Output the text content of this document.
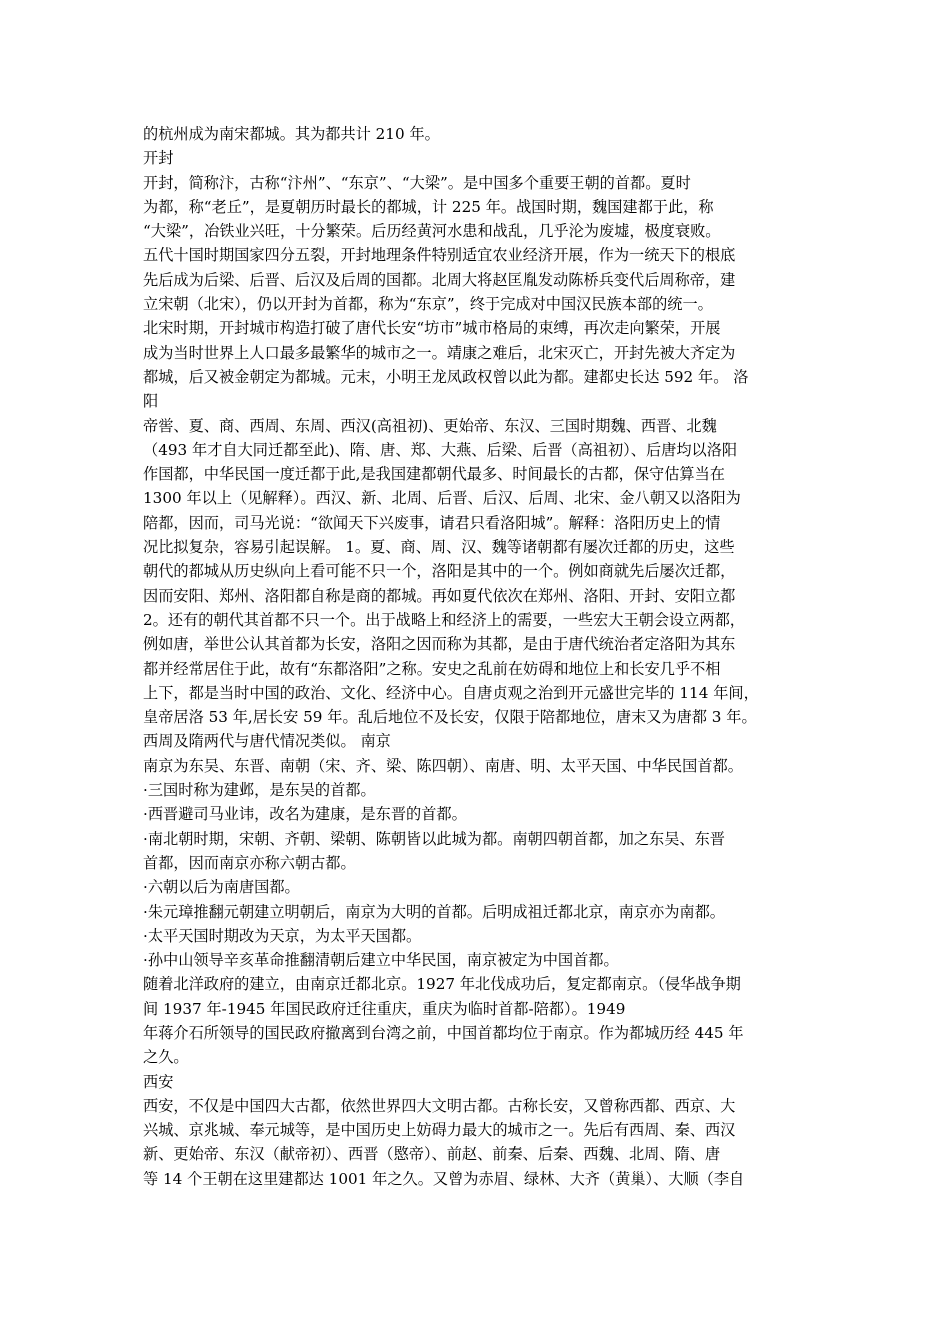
的杭州成为南宋都城。其为都共计 210 年。
开封
开封，简称汴，古称“汴州”、“东京”、“大梁”。是中国多个重要王朝的首都。夏时
为都，称“老丘”，是夏朝历时最长的都城，计 225 年。战国时期，魏国建都于此，称
“大梁”，冶铁业兴旺，十分繁荣。后历经黄河水患和战乱，几乎沦为废墟，极度衰败。
五代十国时期国家四分五裂，开封地理条件特别适宜农业经济开展，作为一统天下的根底
先后成为后梁、后晋、后汉及后周的国都。北周大将赵匡胤发动陈桥兵变代后周称帝，建
立宋朝（北宋），仍以开封为首都，称为“东京”，终于完成对中国汉民族本部的统一。
北宋时期，开封城市构造打破了唐代长安“坊市”城市格局的束缚，再次走向繁荣，开展
成为当时世界上人口最多最繁华的城市之一。靖康之难后，北宋灭亡，开封先被大齐定为
都城，后又被金朝定为都城。元末，小明王龙凤政权曾以此为都。建都史长达 592 年。 洛
阳
帝喾、夏、商、西周、东周、西汉(高祖初)、更始帝、东汉、三国时期魏、西晋、北魏
（493 年才自大同迁都至此)、隋、唐、郑、大燕、后梁、后晋（高祖初）、后唐均以洛阳
作国都，中华民国一度迁都于此,是我国建都朝代最多、时间最长的古都，保守估算当在
1300 年以上（见解释）。西汉、新、北周、后晋、后汉、后周、北宋、金八朝又以洛阳为
陪都，因而，司马光说：“欲闻天下兴废事，请君只看洛阳城”。解释：洛阳历史上的情
况比拟复杂，容易引起误解。 1。夏、商、周、汉、魏等诸朝都有屡次迁都的历史，这些
朝代的都城从历史纵向上看可能不只一个，洛阳是其中的一个。例如商就先后屡次迁都，
因而安阳、郑州、洛阳都自称是商的都城。再如夏代依次在郑州、洛阳、开封、安阳立都
2。还有的朝代其首都不只一个。出于战略上和经济上的需要，一些宏大王朝会设立两都，
例如唐，举世公认其首都为长安，洛阳之因而称为其都，是由于唐代统治者定洛阳为其东
都并经常居住于此，故有“东都洛阳”之称。安史之乱前在妨碍和地位上和长安几乎不相
上下，都是当时中国的政治、文化、经济中心。自唐贞观之治到开元盛世完毕的 114 年间，
皇帝居洛 53 年,居长安 59 年。乱后地位不及长安，仅限于陪都地位，唐末又为唐都 3 年。
西周及隋两代与唐代情况类似。 南京
南京为东吴、东晋、南朝（宋、齐、梁、陈四朝）、南唐、明、太平天国、中华民国首都。
·三国时称为建邺，是东吴的首都。
·西晋避司马业讳，改名为建康，是东晋的首都。
·南北朝时期，宋朝、齐朝、梁朝、陈朝皆以此城为都。南朝四朝首都，加之东吴、东晋
首都，因而南京亦称六朝古都。
·六朝以后为南唐国都。
·朱元璋推翻元朝建立明朝后，南京为大明的首都。后明成祖迁都北京，南京亦为南都。
·太平天国时期改为天京，为太平天国都。
·孙中山领导辛亥革命推翻清朝后建立中华民国，南京被定为中国首都。
随着北洋政府的建立，由南京迁都北京。1927 年北伐成功后，复定都南京。（侵华战争期
间 1937 年-1945 年国民政府迁往重庆，重庆为临时首都-陪都）。1949
年蒋介石所领导的国民政府撤离到台湾之前，中国首都均位于南京。作为都城历经 445 年
之久。
西安
西安，不仅是中国四大古都，依然世界四大文明古都。古称长安，又曾称西都、西京、大
兴城、京兆城、奉元城等，是中国历史上妨碍力最大的城市之一。先后有西周、秦、西汉
新、更始帝、东汉（献帝初）、西晋（愍帝）、前赵、前秦、后秦、西魏、北周、隋、唐
等 14 个王朝在这里建都达 1001 年之久。又曾为赤眉、绿林、大齐（黄巢）、大顺（李自
